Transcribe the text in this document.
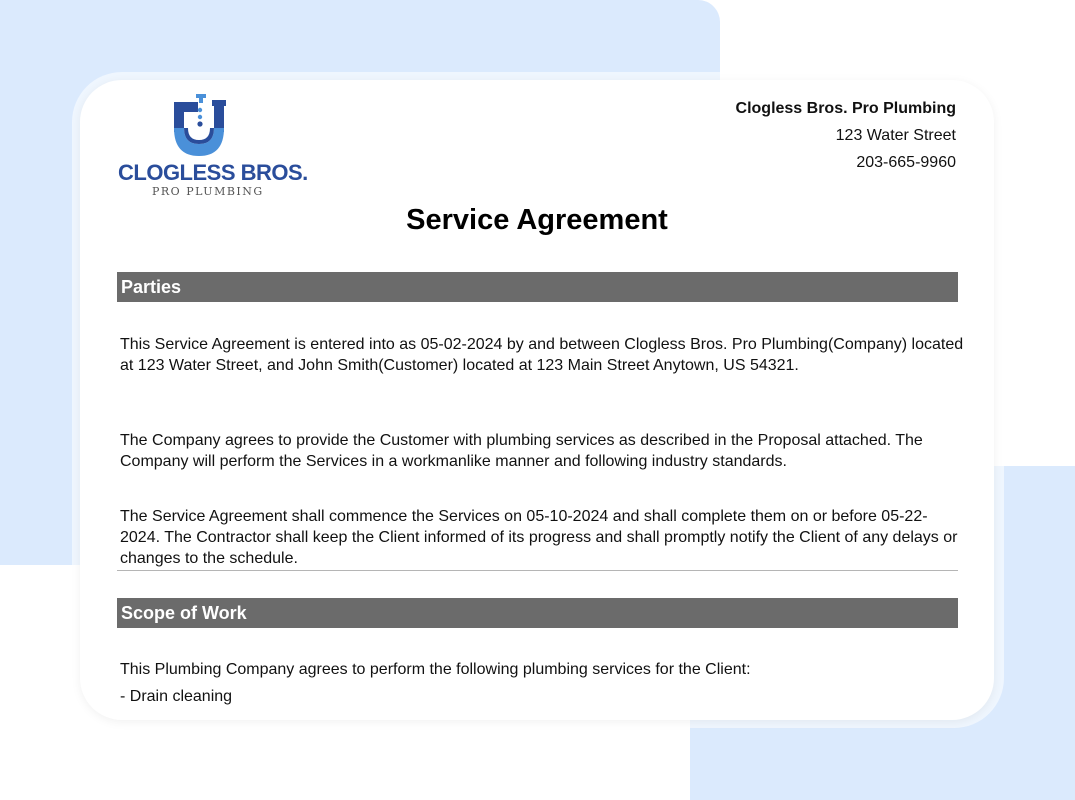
CLOGLESS BROS.
PRO PLUMBING
Clogless Bros. Pro Plumbing
123 Water Street
203-665-9960
Service Agreement
Parties
This Service Agreement is entered into as 05-02-2024 by and between Clogless Bros. Pro Plumbing(Company) located at 123 Water Street, and John Smith(Customer) located at 123 Main Street Anytown, US 54321.
The Company agrees to provide the Customer with plumbing services as described in the Proposal attached. The Company will perform the Services in a workmanlike manner and following industry standards.
The Service Agreement shall commence the Services on 05-10-2024 and shall complete them on or before 05-22-2024. The Contractor shall keep the Client informed of its progress and shall promptly notify the Client of any delays or changes to the schedule.
Scope of Work
This Plumbing Company agrees to perform the following plumbing services for the Client:
- Drain cleaning
